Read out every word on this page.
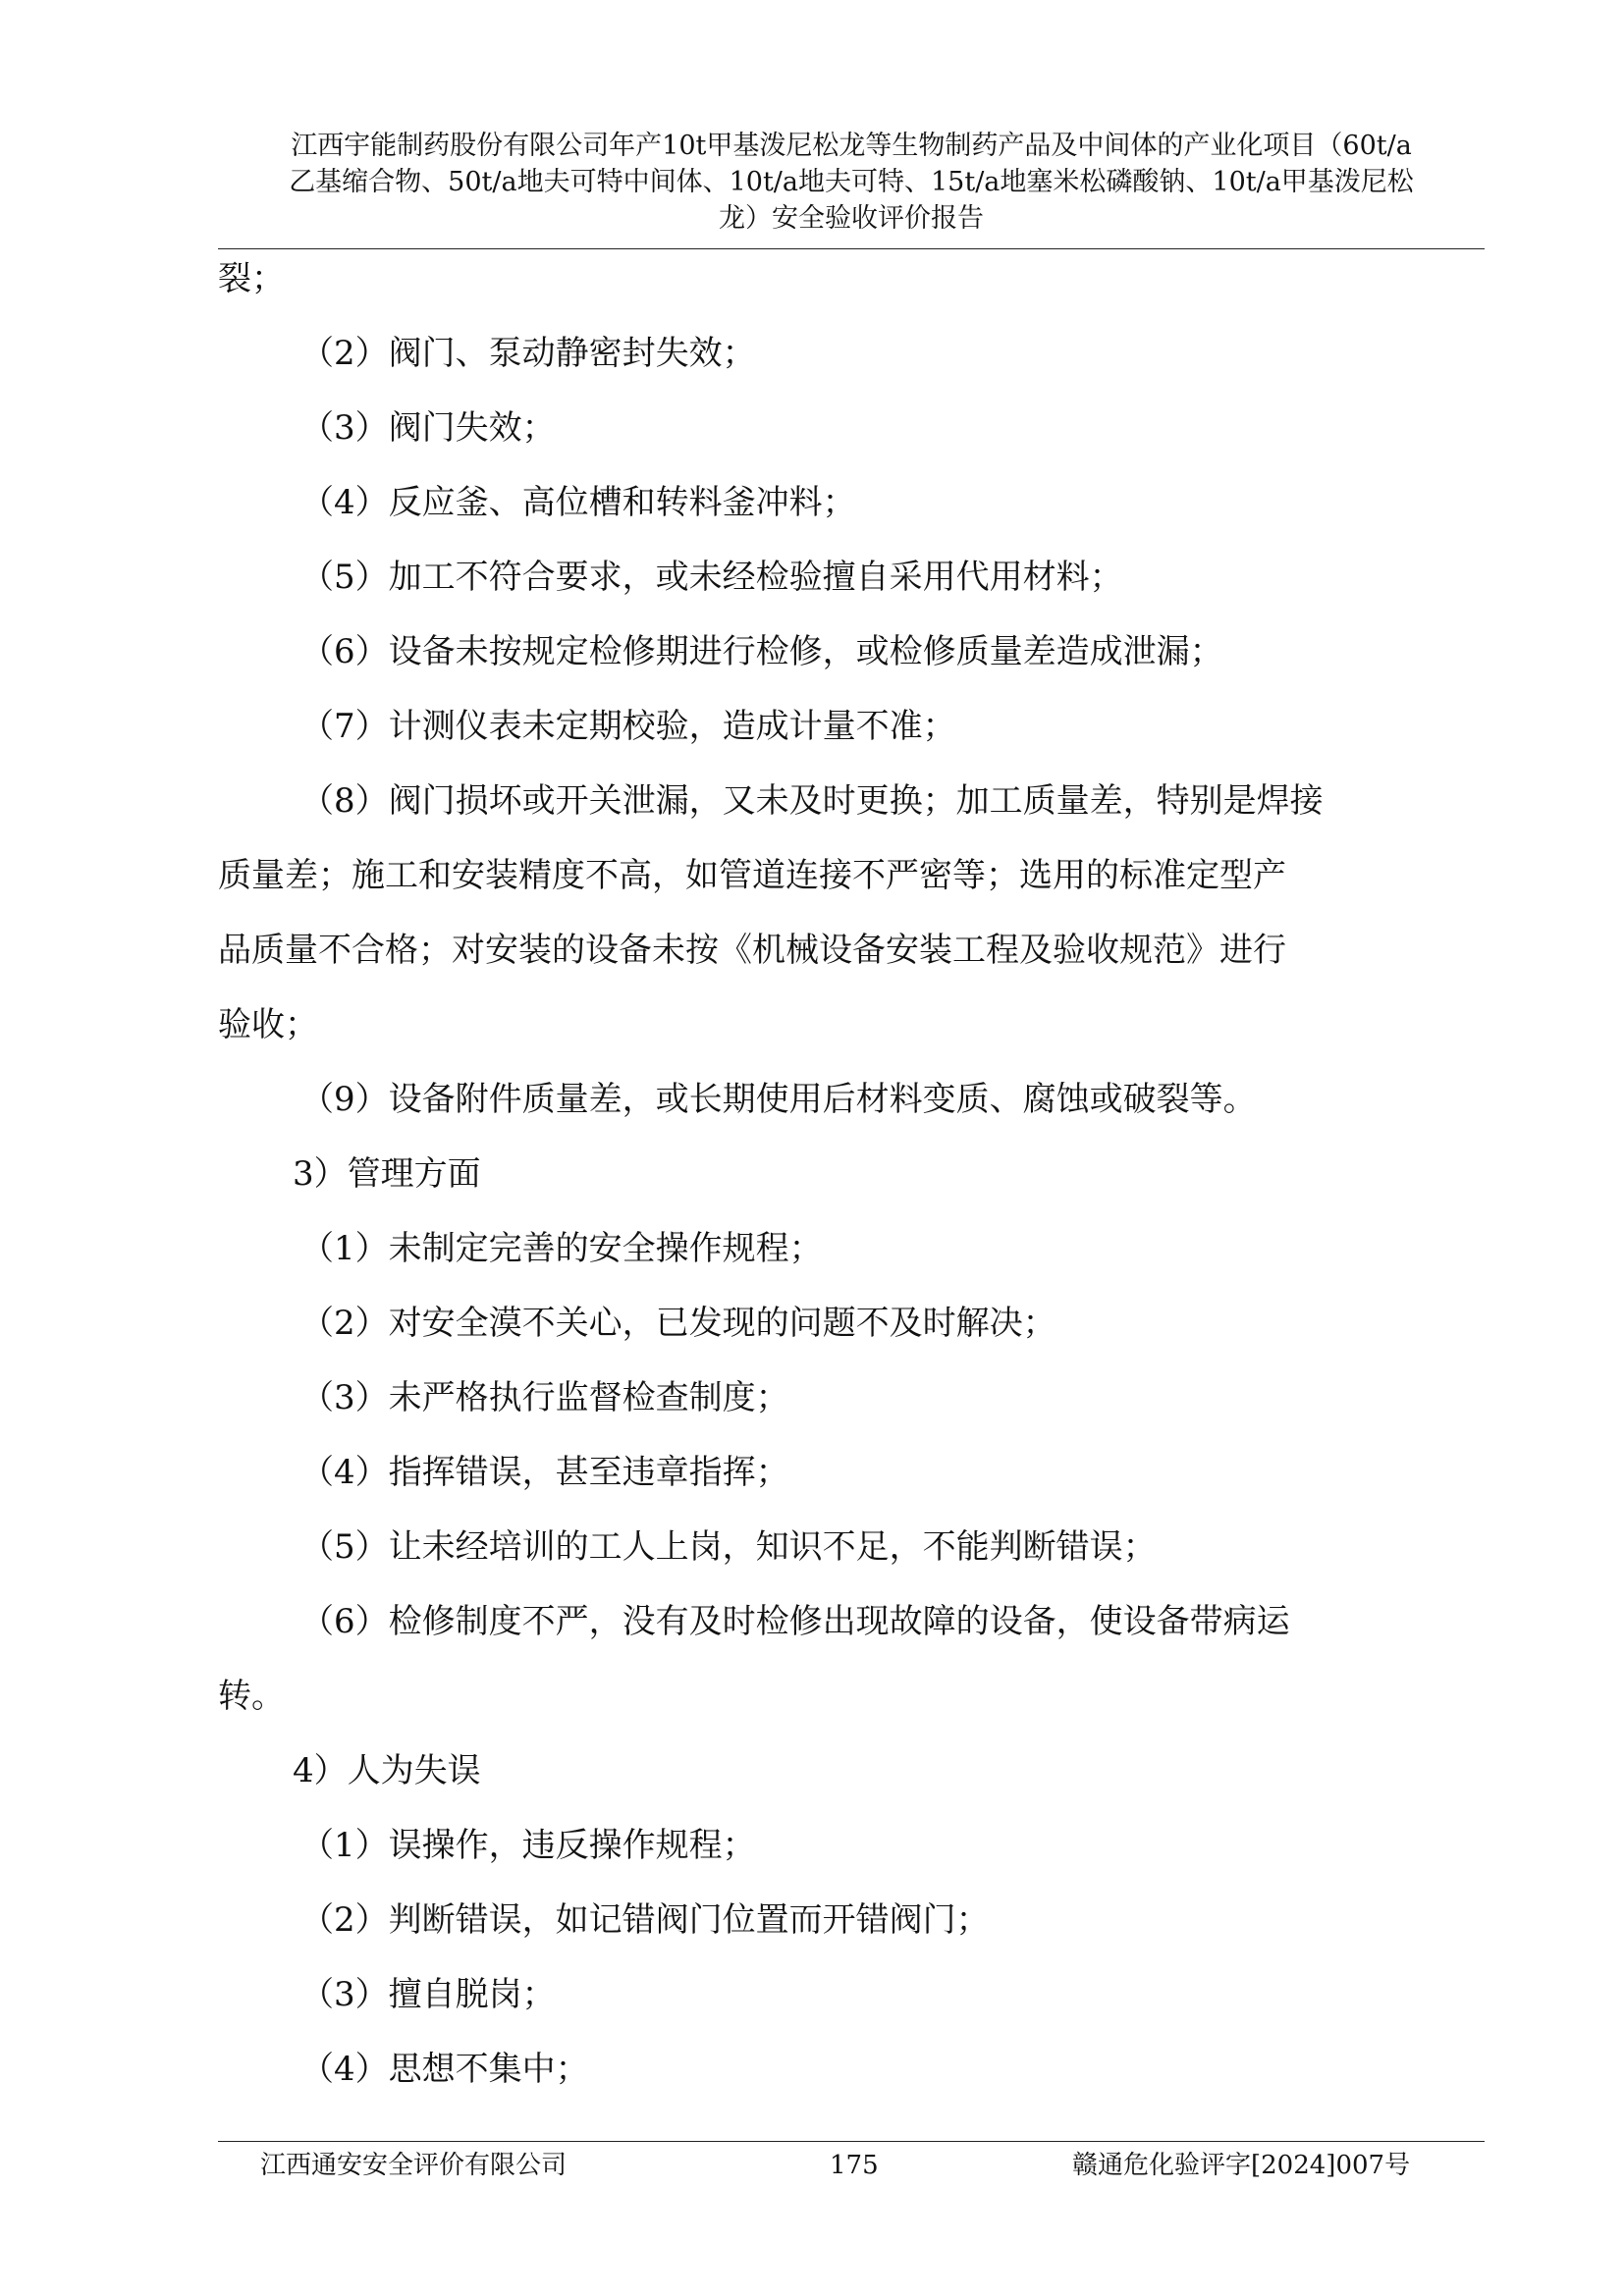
江西宇能制药股份有限公司年产10t甲基泼尼松龙等生物制药产品及中间体的产业化项目（60t/a
乙基缩合物、50t/a地夫可特中间体、10t/a地夫可特、15t/a地塞米松磷酸钠、10t/a甲基泼尼松
龙）安全验收评价报告
裂；
（2）阀门、泵动静密封失效；
（3）阀门失效；
（4）反应釜、高位槽和转料釜冲料；
（5）加工不符合要求，或未经检验擅自采用代用材料；
（6）设备未按规定检修期进行检修，或检修质量差造成泄漏；
（7）计测仪表未定期校验，造成计量不准；
（8）阀门损坏或开关泄漏，又未及时更换；加工质量差，特别是焊接
质量差；施工和安装精度不高，如管道连接不严密等；选用的标准定型产
品质量不合格；对安装的设备未按《机械设备安装工程及验收规范》进行
验收；
（9）设备附件质量差，或长期使用后材料变质、腐蚀或破裂等。
3）管理方面
（1）未制定完善的安全操作规程；
（2）对安全漠不关心，已发现的问题不及时解决；
（3）未严格执行监督检查制度；
（4）指挥错误，甚至违章指挥；
（5）让未经培训的工人上岗，知识不足，不能判断错误；
（6）检修制度不严，没有及时检修出现故障的设备，使设备带病运
转。
4）人为失误
（1）误操作，违反操作规程；
（2）判断错误，如记错阀门位置而开错阀门；
（3）擅自脱岗；
（4）思想不集中；
江西通安安全评价有限公司	175	赣通危化验评字[2024]007号
